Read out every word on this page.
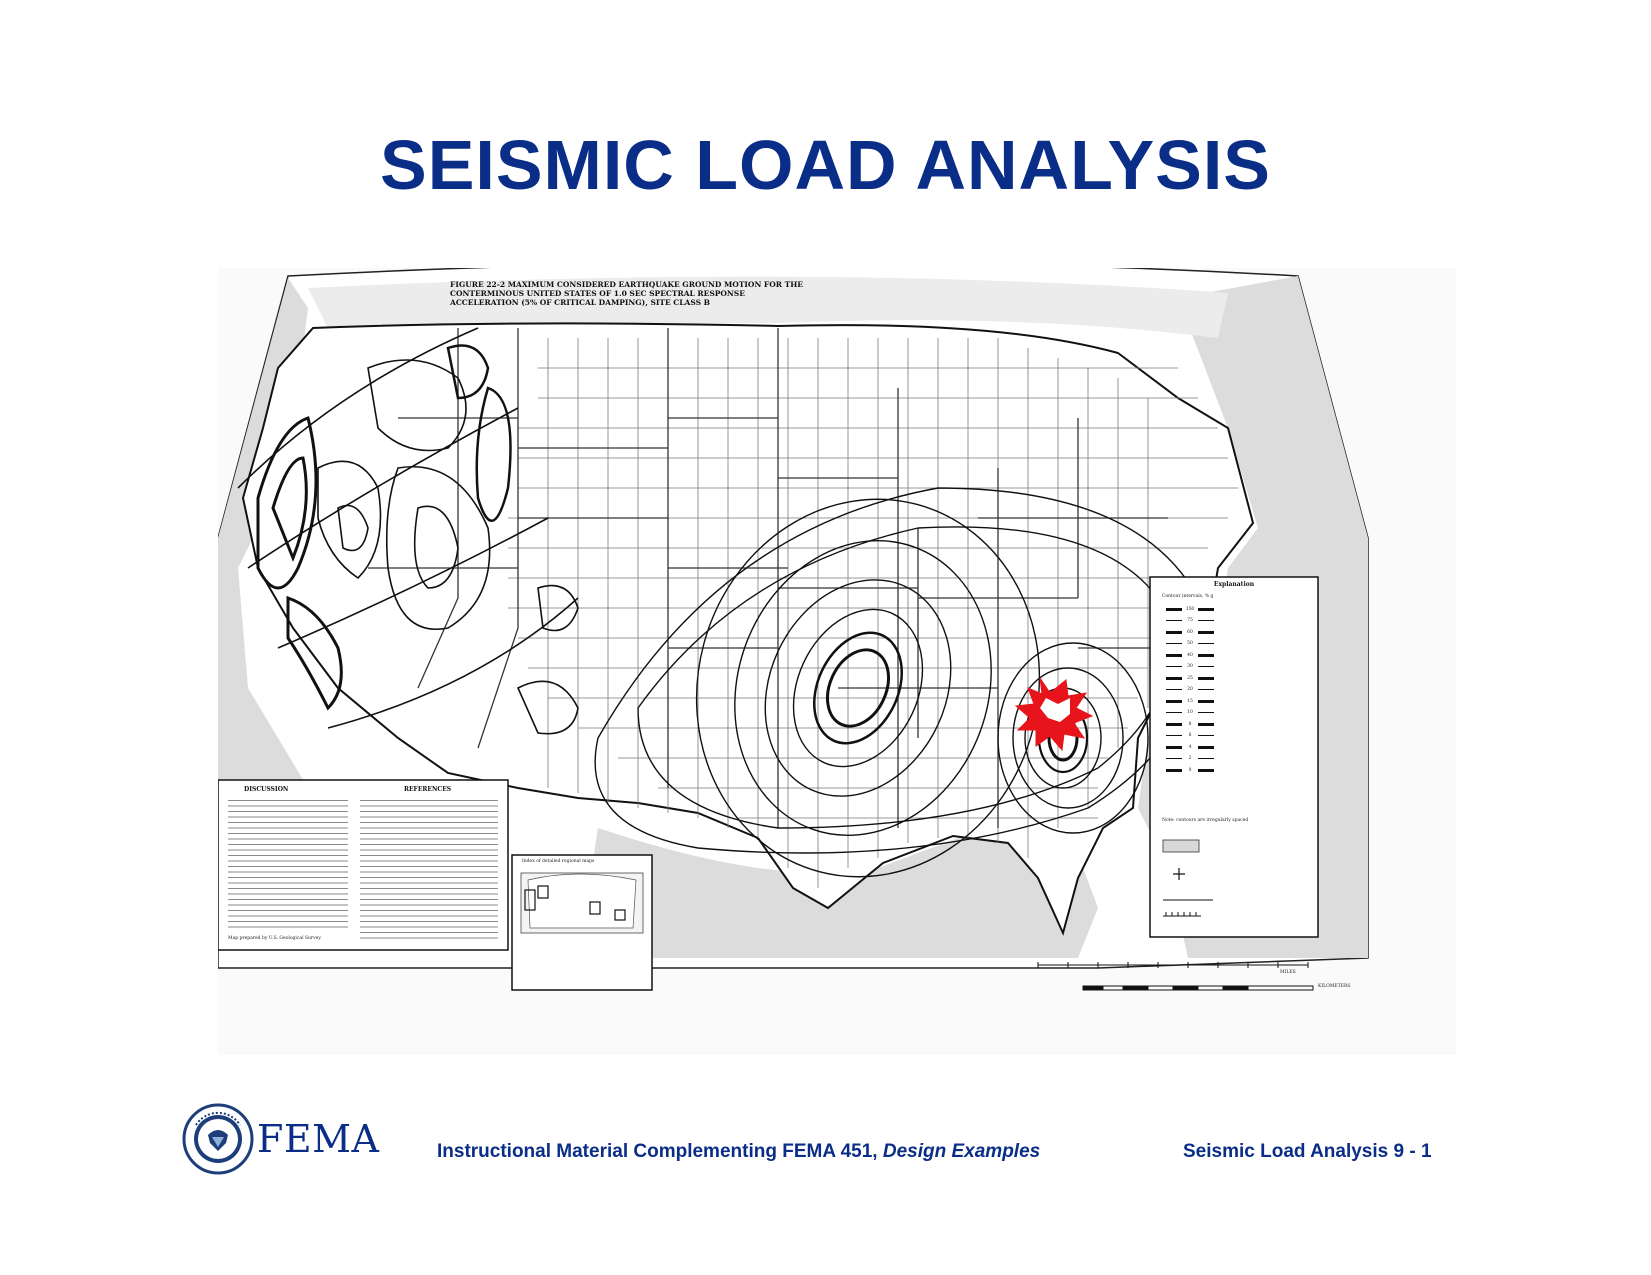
SEISMIC LOAD ANALYSIS
FIGURE 22-2 MAXIMUM CONSIDERED EARTHQUAKE GROUND MOTION FOR THE CONTERMINOUS UNITED STATES OF 1.0 SEC SPECTRAL RESPONSE ACCELERATION (5% OF CRITICAL DAMPING), SITE CLASS B
DISCUSSION	REFERENCES
Map prepared by U.S. Geological Survey.
Index of detailed regional maps
Explanation
Contour intervals, % g
150
75
60
50
40
30
25
20
15
10
8
6
4
2
0
Note: contours are irregularly spaced
MILES
KILOMETERS
FEMA	Instructional Material Complementing FEMA 451, Design Examples	Seismic Load Analysis 9 - 1
